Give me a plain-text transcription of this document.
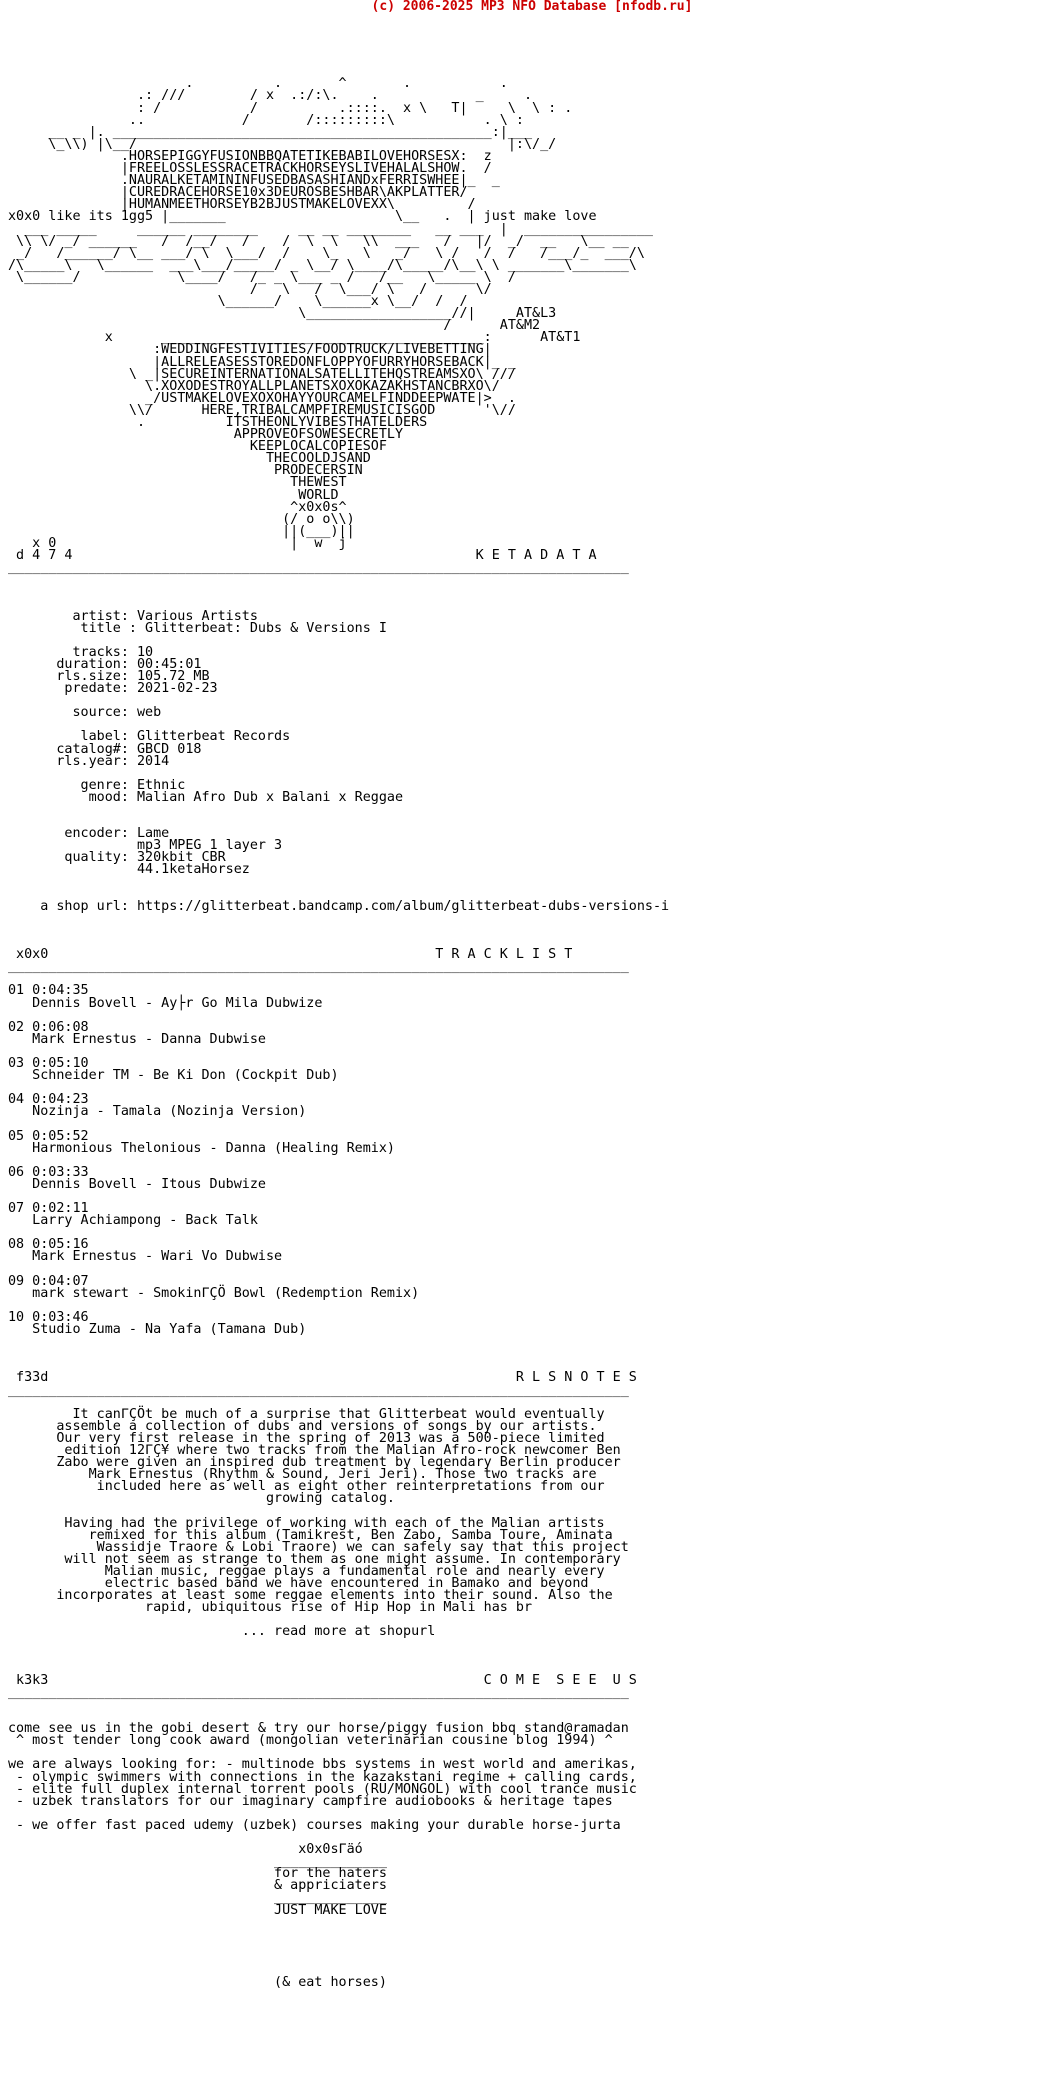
(c) 2006-2025 MP3 NFO Database [nfodb.ru]

.          .       ^       .           .
.: ///        / x  .:/:\.    .            _     .
: /           /          .::::.  x \   T|     \  \ : .
..            /       /:::::::::\           . \ :
__ _ |. _______________________________________________:|___
\_\\) |\__/                                              |:\/_/
.HORSEPIGGYFUSIONBBQATETIKEBABILOVEHORSESX:  z
|FREELOSSLESSRACETRACKHORSEYSLIVEHALALSHOW.  /
.NAURALKETAMININFUSEDBASASHIANDxFERRISWHEE|_  _
|CUREDRACEHORSE10x3DEUROSBESHBAR\AKPLATTER/
|HUMANMEETHORSEYB2BJUSTMAKELOVEXX\         /
x0x0 like its 1gg5 |_______                     \__   .  | just make love
___ _____     ______ ________     __ __ ________   __ ___  |  ________________
\\ \/ _/ ______   /  /__/   /    /  \  \   \\  ___   /   |/  _/  __   \__ __
_/   /______/ \__ ___/ \  \___/  /    \_   \   _/   \ /   /  /   /___/_  ___/\
/\_____\   \______  ___\___/_____/ _ \__/ \____/\_____/\__\ \ _______\_______\
\______/            \____/   /_ _ \___ _ /   /__   \_____ \  /
/   \   /  \___/ \   /      \/
\______/    \______x \__/  /  /
\__________________//|     AT&L3
/      AT&M2
x      ________________________________________:      AT&T1
:WEDDINGFESTIVITIES/FOODTRUCK/LIVEBETTING|
|ALLRELEASESSTOREDONFLOPPYOFURRYHORSEBACK|_ _
\ _|SECUREINTERNATIONALSATELLITEHQSTREAMSXO\ ///
\.XOXODESTROYALLPLANETSXOXOKAZAKHSTANCBRXO\/
_/USTMAKELOVEXOXOHAYYOURCAMELFINDDEEPWATE|>  .
\\/      HERE,TRIBALCAMPFIREMUSICISGOD      '\//
.          ITSTHEONLYVIBESTHATELDERS
APPROVEOFSOWESECRETLY
KEEPLOCALCOPIESOF
THECOOLDJSAND
PRODECERSIN
THEWEST
WORLD
^x0x0s^
(/ o o\\)
||(___)||
x 0                             |  w  j
d 4 7 4                                                  K E T A D A T A
_____________________________________________________________________________

artist: Various Artists
title : Glitterbeat: Dubs & Versions I

tracks: 10
duration: 00:45:01
rls.size: 105.72 MB
predate: 2021-02-23

source: web

label: Glitterbeat Records
catalog#: GBCD 018
rls.year: 2014

genre: Ethnic
mood: Malian Afro Dub x Balani x Reggae

encoder: Lame
mp3 MPEG 1 layer 3
quality: 320kbit CBR
44.1ketaHorsez

a shop url: https://glitterbeat.bandcamp.com/album/glitterbeat-dubs-versions-i

x0x0                                                T R A C K L I S T
_____________________________________________________________________________

01 0:04:35
Dennis Bovell - Ay├r Go Mila Dubwize

02 0:06:08
Mark Ernestus - Danna Dubwise

03 0:05:10
Schneider TM - Be Ki Don (Cockpit Dub)

04 0:04:23
Nozinja - Tamala (Nozinja Version)

05 0:05:52
Harmonious Thelonious - Danna (Healing Remix)

06 0:03:33
Dennis Bovell - Itous Dubwize

07 0:02:11
Larry Achiampong - Back Talk

08 0:05:16
Mark Ernestus - Wari Vo Dubwise

09 0:04:07
mark stewart - SmokinΓÇÖ Bowl (Redemption Remix)

10 0:03:46
Studio Zuma - Na Yafa (Tamana Dub)

f33d                                                          R L S N O T E S
_____________________________________________________________________________

It canΓÇÖt be much of a surprise that Glitterbeat would eventually
assemble a collection of dubs and versions of songs by our artists.
Our very first release in the spring of 2013 was a 500-piece limited
edition 12ΓÇ¥ where two tracks from the Malian Afro-rock newcomer Ben
Zabo were given an inspired dub treatment by legendary Berlin producer
Mark Ernestus (Rhythm & Sound, Jeri Jeri). Those two tracks are
included here as well as eight other reinterpretations from our
growing catalog.

Having had the privilege of working with each of the Malian artists
remixed for this album (Tamikrest, Ben Zabo, Samba Toure, Aminata
Wassidje Traore & Lobi Traore) we can safely say that this project
will not seem as strange to them as one might assume. In contemporary
Malian music, reggae plays a fundamental role and nearly every
electric based band we have encountered in Bamako and beyond
incorporates at least some reggae elements into their sound. Also the
rapid, ubiquitous rise of Hip Hop in Mali has br

... read more at shopurl

k3k3                                                      C O M E  S E E  U S
_____________________________________________________________________________

come see us in the gobi desert & try our horse/piggy fusion bbq stand@ramadan
^ most tender long cook award (mongolian veterinarian cousine blog 1994) ^

we are always looking for: - multinode bbs systems in west world and amerikas,
- olympic swimmers with connections in the kazakstani regime + calling cards,
- elite full duplex internal torrent pools (RU/MONGOL) with cool trance music
- uzbek translators for our imaginary campfire audiobooks & heritage tapes

- we offer fast paced udemy (uzbek) courses making your durable horse-jurta

x0x0sΓäó
______________
for the haters
& appriciaters
______________
JUST MAKE LOVE

(& eat horses)
